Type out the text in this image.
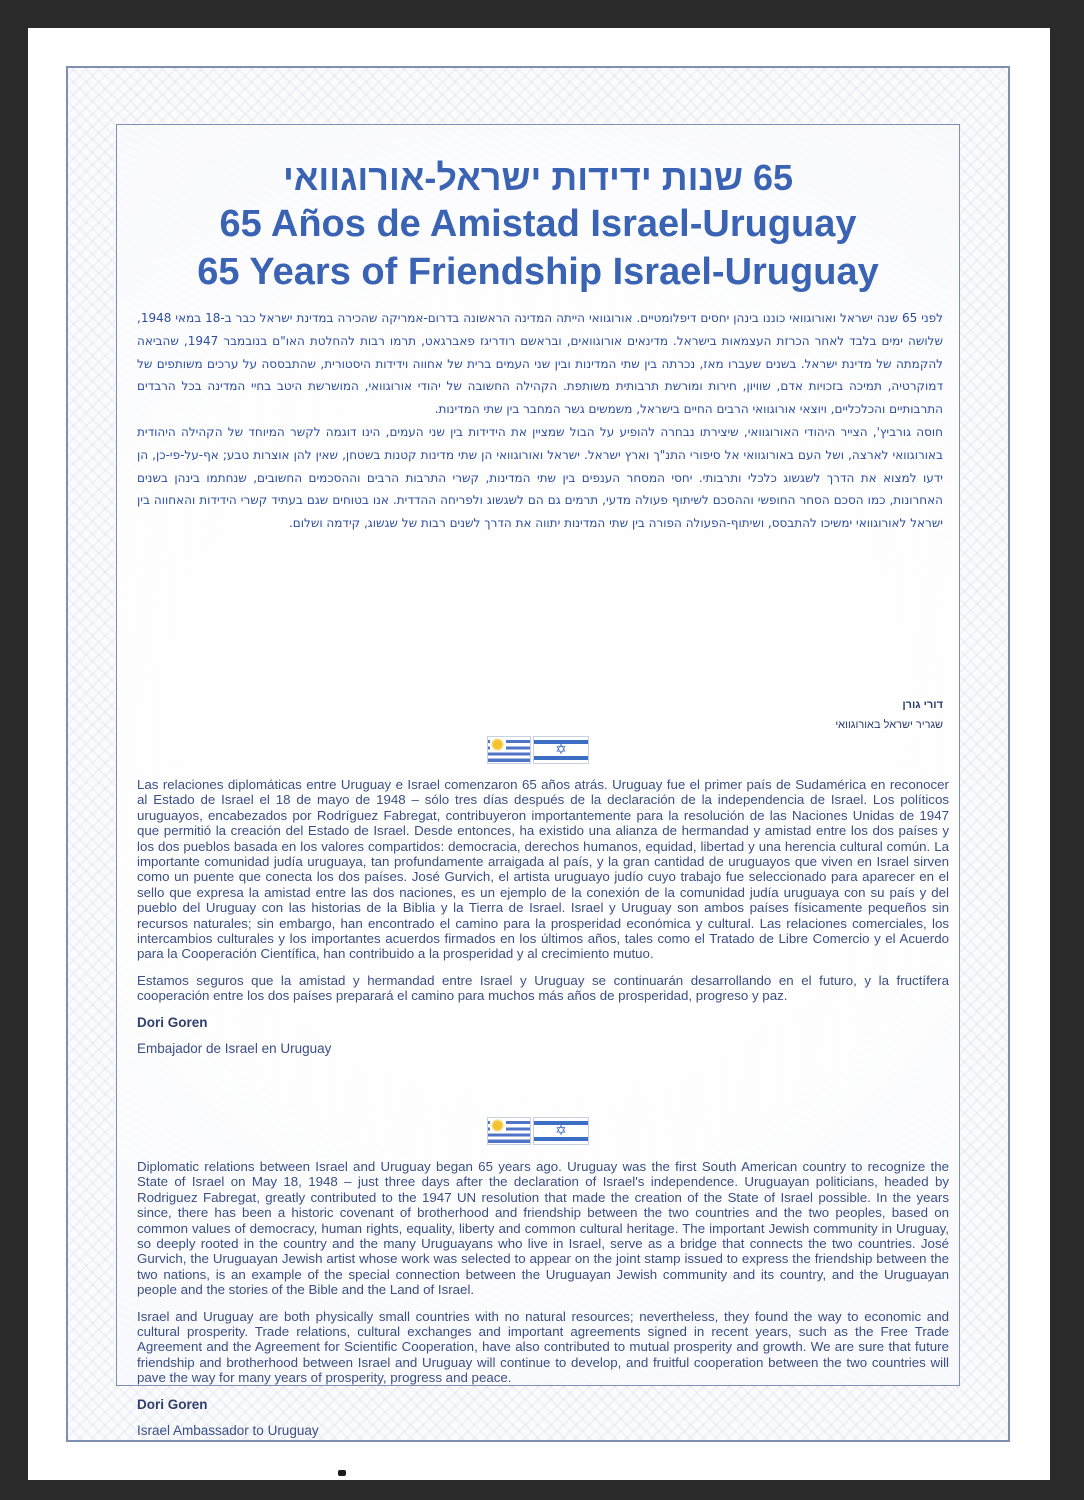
65 שנות ידידות ישראל-אורוגוואי
65 Años de Amistad Israel-Uruguay
65 Years of Friendship Israel-Uruguay

לפני 65 שנה ישראל ואורוגוואי כוננו בינהן יחסים דיפלומטיים. אורוגוואי הייתה המדינה הראשונה בדרום-אמריקה שהכירה במדינת ישראל כבר ב-18 במאי 1948, שלושה ימים בלבד לאחר הכרזת העצמאות בישראל. מדינאים אורוגוואים, ובראשם רודריגז פאברגאט, תרמו רבות להחלטת האו"ם בנובמבר 1947, שהביאה להקמתה של מדינת ישראל. בשנים שעברו מאז, נכרתה בין שתי המדינות ובין שני העמים ברית של אחווה וידידות היסטורית, שהתבססה על ערכים משותפים של דמוקרטיה, תמיכה בזכויות אדם, שוויון, חירות ומורשת תרבותית משותפת. הקהילה החשובה של יהודי אורוגוואי, המושרשת היטב בחיי המדינה בכל הרבדים התרבותיים והכלכליים, ויוצאי אורוגוואי הרבים החיים בישראל, משמשים גשר המחבר בין שתי המדינות.

חוסה גורביץ', הצייר היהודי האורוגוואי, שיצירתו נבחרה להופיע על הבול שמציין את הידידות בין שני העמים, הינו דוגמה לקשר המיוחד של הקהילה היהודית באורוגוואי לארצה, ושל העם באורוגוואי אל סיפורי התנ"ך וארץ ישראל. ישראל ואורוגוואי הן שתי מדינות קטנות בשטחן, שאין להן אוצרות טבע; אף-על-פי-כן, הן ידעו למצוא את הדרך לשגשוג כלכלי ותרבותי. יחסי המסחר הענפים בין שתי המדינות, קשרי התרבות הרבים וההסכמים החשובים, שנחתמו בינהן בשנים האחרונות, כמו הסכם הסחר החופשי וההסכם לשיתוף פעולה מדעי, תרמים גם הם לשגשוג ולפריחה ההדדית. אנו בטוחים שגם בעתיד קשרי הידידות והאחווה בין ישראל לאורוגוואי ימשיכו להתבסס, ושיתוף-הפעולה הפורה בין שתי המדינות יתווה את הדרך לשנים רבות של שגשוג, קידמה ושלום.

דורי גורן
שגריר ישראל באורוגוואי
✡

Las relaciones diplomáticas entre Uruguay e Israel comenzaron 65 años atrás. Uruguay fue el primer país de Sudamérica en reconocer al Estado de Israel el 18 de mayo de 1948 – sólo tres días después de la declaración de la independencia de Israel. Los políticos uruguayos, encabezados por Rodríguez Fabregat, contribuyeron importantemente para la resolución de las Naciones Unidas de 1947 que permitió la creación del Estado de Israel. Desde entonces, ha existido una alianza de hermandad y amistad entre los dos países y los dos pueblos basada en los valores compartidos: democracia, derechos humanos, equidad, libertad y una herencia cultural común. La importante comunidad judía uruguaya, tan profundamente arraigada al país, y la gran cantidad de uruguayos que viven en Israel sirven como un puente que conecta los dos países. José Gurvich, el artista uruguayo judío cuyo trabajo fue seleccionado para aparecer en el sello que expresa la amistad entre las dos naciones, es un ejemplo de la conexión de la comunidad judía uruguaya con su país y del pueblo del Uruguay con las historias de la Biblia y la Tierra de Israel. Israel y Uruguay son ambos países físicamente pequeños sin recursos naturales; sin embargo, han encontrado el camino para la prosperidad económica y cultural. Las relaciones comerciales, los intercambios culturales y los importantes acuerdos firmados en los últimos años, tales como el Tratado de Libre Comercio y el Acuerdo para la Cooperación Científica, han contribuido a la prosperidad y al crecimiento mutuo.

Estamos seguros que la amistad y hermandad entre Israel y Uruguay se continuarán desarrollando en el futuro, y la fructífera cooperación entre los dos países preparará el camino para muchos más años de prosperidad, progreso y paz.

Dori Goren

Embajador de Israel en Uruguay

✡

Diplomatic relations between Israel and Uruguay began 65 years ago. Uruguay was the first South American country to recognize the State of Israel on May 18, 1948 – just three days after the declaration of Israel's independence. Uruguayan politicians, headed by Rodriguez Fabregat, greatly contributed to the 1947 UN resolution that made the creation of the State of Israel possible. In the years since, there has been a historic covenant of brotherhood and friendship between the two countries and the two peoples, based on common values of democracy, human rights, equality, liberty and common cultural heritage. The important Jewish community in Uruguay, so deeply rooted in the country and the many Uruguayans who live in Israel, serve as a bridge that connects the two countries. José Gurvich, the Uruguayan Jewish artist whose work was selected to appear on the joint stamp issued to express the friendship between the two nations, is an example of the special connection between the Uruguayan Jewish community and its country, and the Uruguayan people and the stories of the Bible and the Land of Israel.

Israel and Uruguay are both physically small countries with no natural resources; nevertheless, they found the way to economic and cultural prosperity. Trade relations, cultural exchanges and important agreements signed in recent years, such as the Free Trade Agreement and the Agreement for Scientific Cooperation, have also contributed to mutual prosperity and growth. We are sure that future friendship and brotherhood between Israel and Uruguay will continue to develop, and fruitful cooperation between the two countries will pave the way for many years of prosperity, progress and peace.

Dori Goren

Israel Ambassador to Uruguay
